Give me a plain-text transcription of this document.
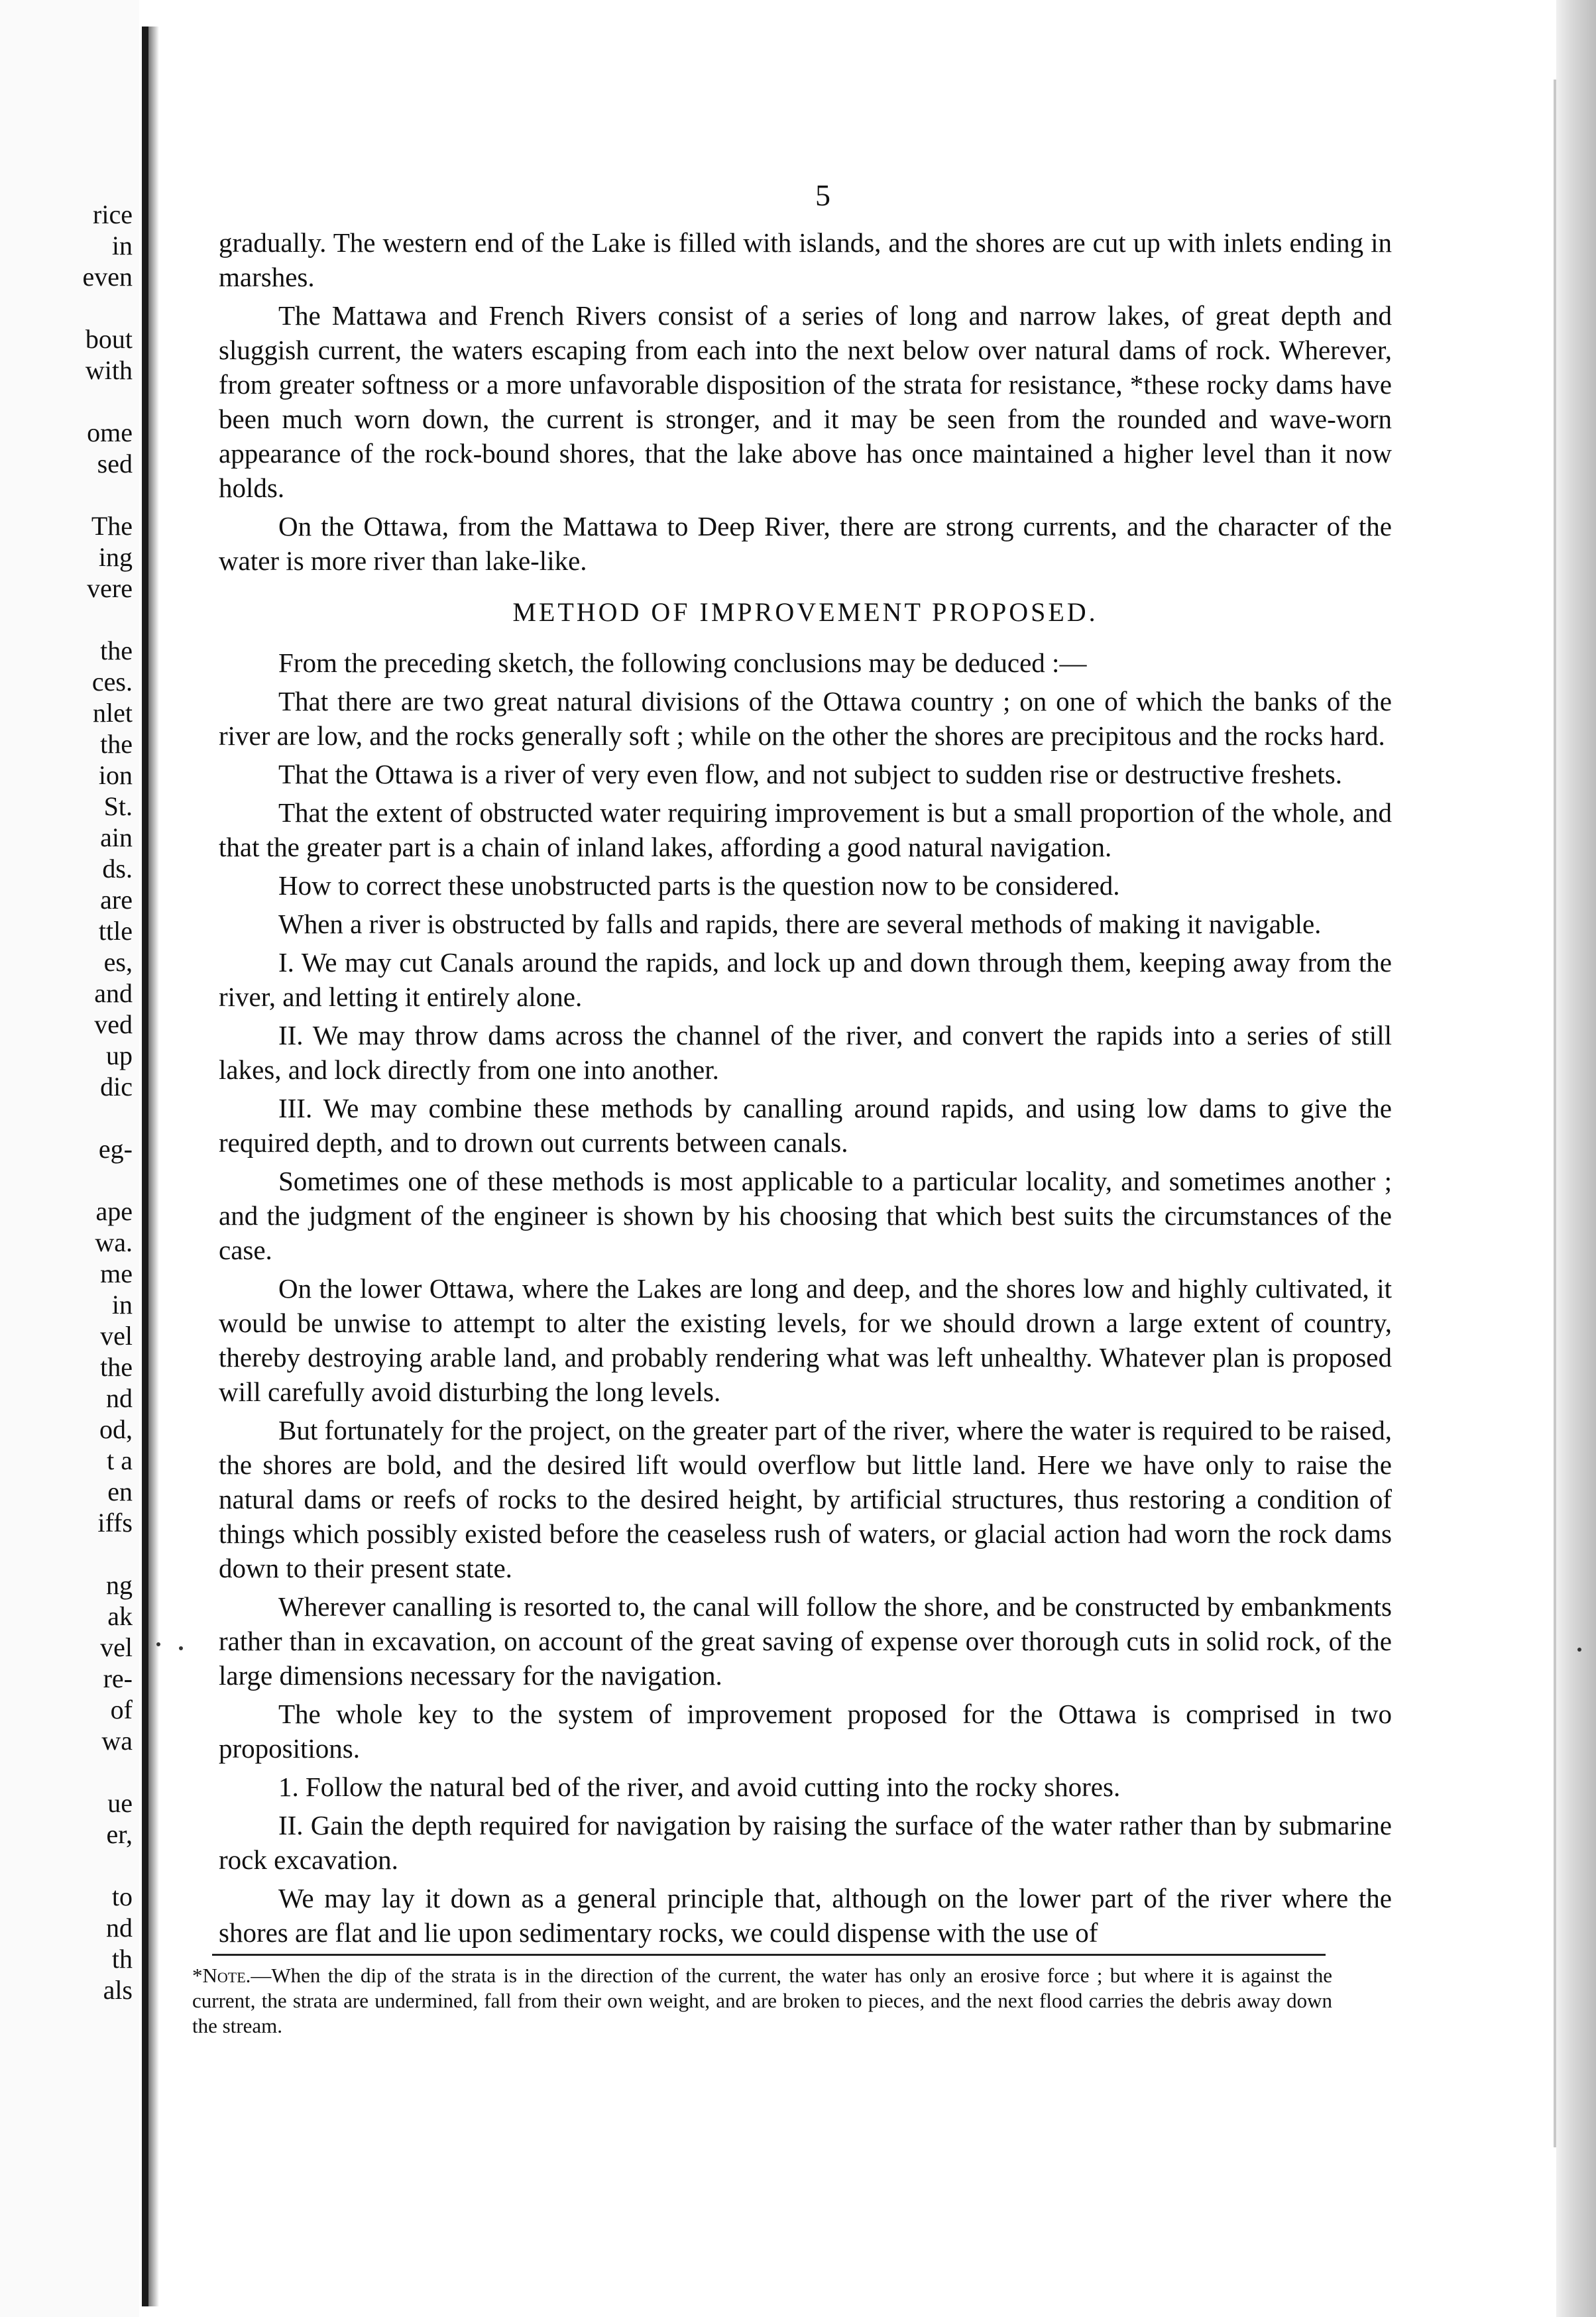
rice
in
even
bout
with
ome
sed
The
ing
vere
the
ces.
nlet
the
ion
St.
ain
ds.
are
ttle
es,
and
ved
up
dic
eg-
ape
wa.
me
in
vel
the
nd
od,
t a
en
iffs
ng
ak
vel
re-
of
wa
ue
er,
to
nd
th
als
5

gradually. The western end of the Lake is filled with islands, and the shores are cut up with inlets ending in marshes.

The Mattawa and French Rivers consist of a series of long and narrow lakes, of great depth and sluggish current, the waters escaping from each into the next below over natural dams of rock. Wherever, from greater softness or a more unfavorable disposition of the strata for resistance, *these rocky dams have been much worn down, the current is stronger, and it may be seen from the rounded and wave-worn appearance of the rock-bound shores, that the lake above has once maintained a higher level than it now holds.

On the Ottawa, from the Mattawa to Deep River, there are strong currents, and the character of the water is more river than lake-like.

METHOD OF IMPROVEMENT PROPOSED.

From the preceding sketch, the following conclusions may be deduced :—

That there are two great natural divisions of the Ottawa country ; on one of which the banks of the river are low, and the rocks generally soft ; while on the other the shores are precipitous and the rocks hard.

That the Ottawa is a river of very even flow, and not subject to sudden rise or destructive freshets.

That the extent of obstructed water requiring improvement is but a small proportion of the whole, and that the greater part is a chain of inland lakes, affording a good natural navigation.

How to correct these unobstructed parts is the question now to be considered.

When a river is obstructed by falls and rapids, there are several methods of making it navigable.

I. We may cut Canals around the rapids, and lock up and down through them, keeping away from the river, and letting it entirely alone.

II. We may throw dams across the channel of the river, and convert the rapids into a series of still lakes, and lock directly from one into another.

III. We may combine these methods by canalling around rapids, and using low dams to give the required depth, and to drown out currents between canals.

Sometimes one of these methods is most applicable to a particular locality, and sometimes another ; and the judgment of the engineer is shown by his choosing that which best suits the circumstances of the case.

On the lower Ottawa, where the Lakes are long and deep, and the shores low and highly cultivated, it would be unwise to attempt to alter the existing levels, for we should drown a large extent of country, thereby destroying arable land, and probably rendering what was left unhealthy. Whatever plan is proposed will carefully avoid disturbing the long levels.

But fortunately for the project, on the greater part of the river, where the water is required to be raised, the shores are bold, and the desired lift would overflow but little land. Here we have only to raise the natural dams or reefs of rocks to the desired height, by artificial structures, thus restoring a condition of things which possibly existed before the ceaseless rush of waters, or glacial action had worn the rock dams down to their present state.

Wherever canalling is resorted to, the canal will follow the shore, and be constructed by embankments rather than in excavation, on account of the great saving of expense over thorough cuts in solid rock, of the large dimensions necessary for the navigation.

The whole key to the system of improvement proposed for the Ottawa is comprised in two propositions.

1. Follow the natural bed of the river, and avoid cutting into the rocky shores.

II. Gain the depth required for navigation by raising the surface of the water rather than by submarine rock excavation.

We may lay it down as a general principle that, although on the lower part of the river where the shores are flat and lie upon sedimentary rocks, we could dispense with the use of

*Note.—When the dip of the strata is in the direction of the current, the water has only an erosive force ; but where it is against the current, the strata are undermined, fall from their own weight, and are broken to pieces, and the next flood carries the debris away down the stream.
